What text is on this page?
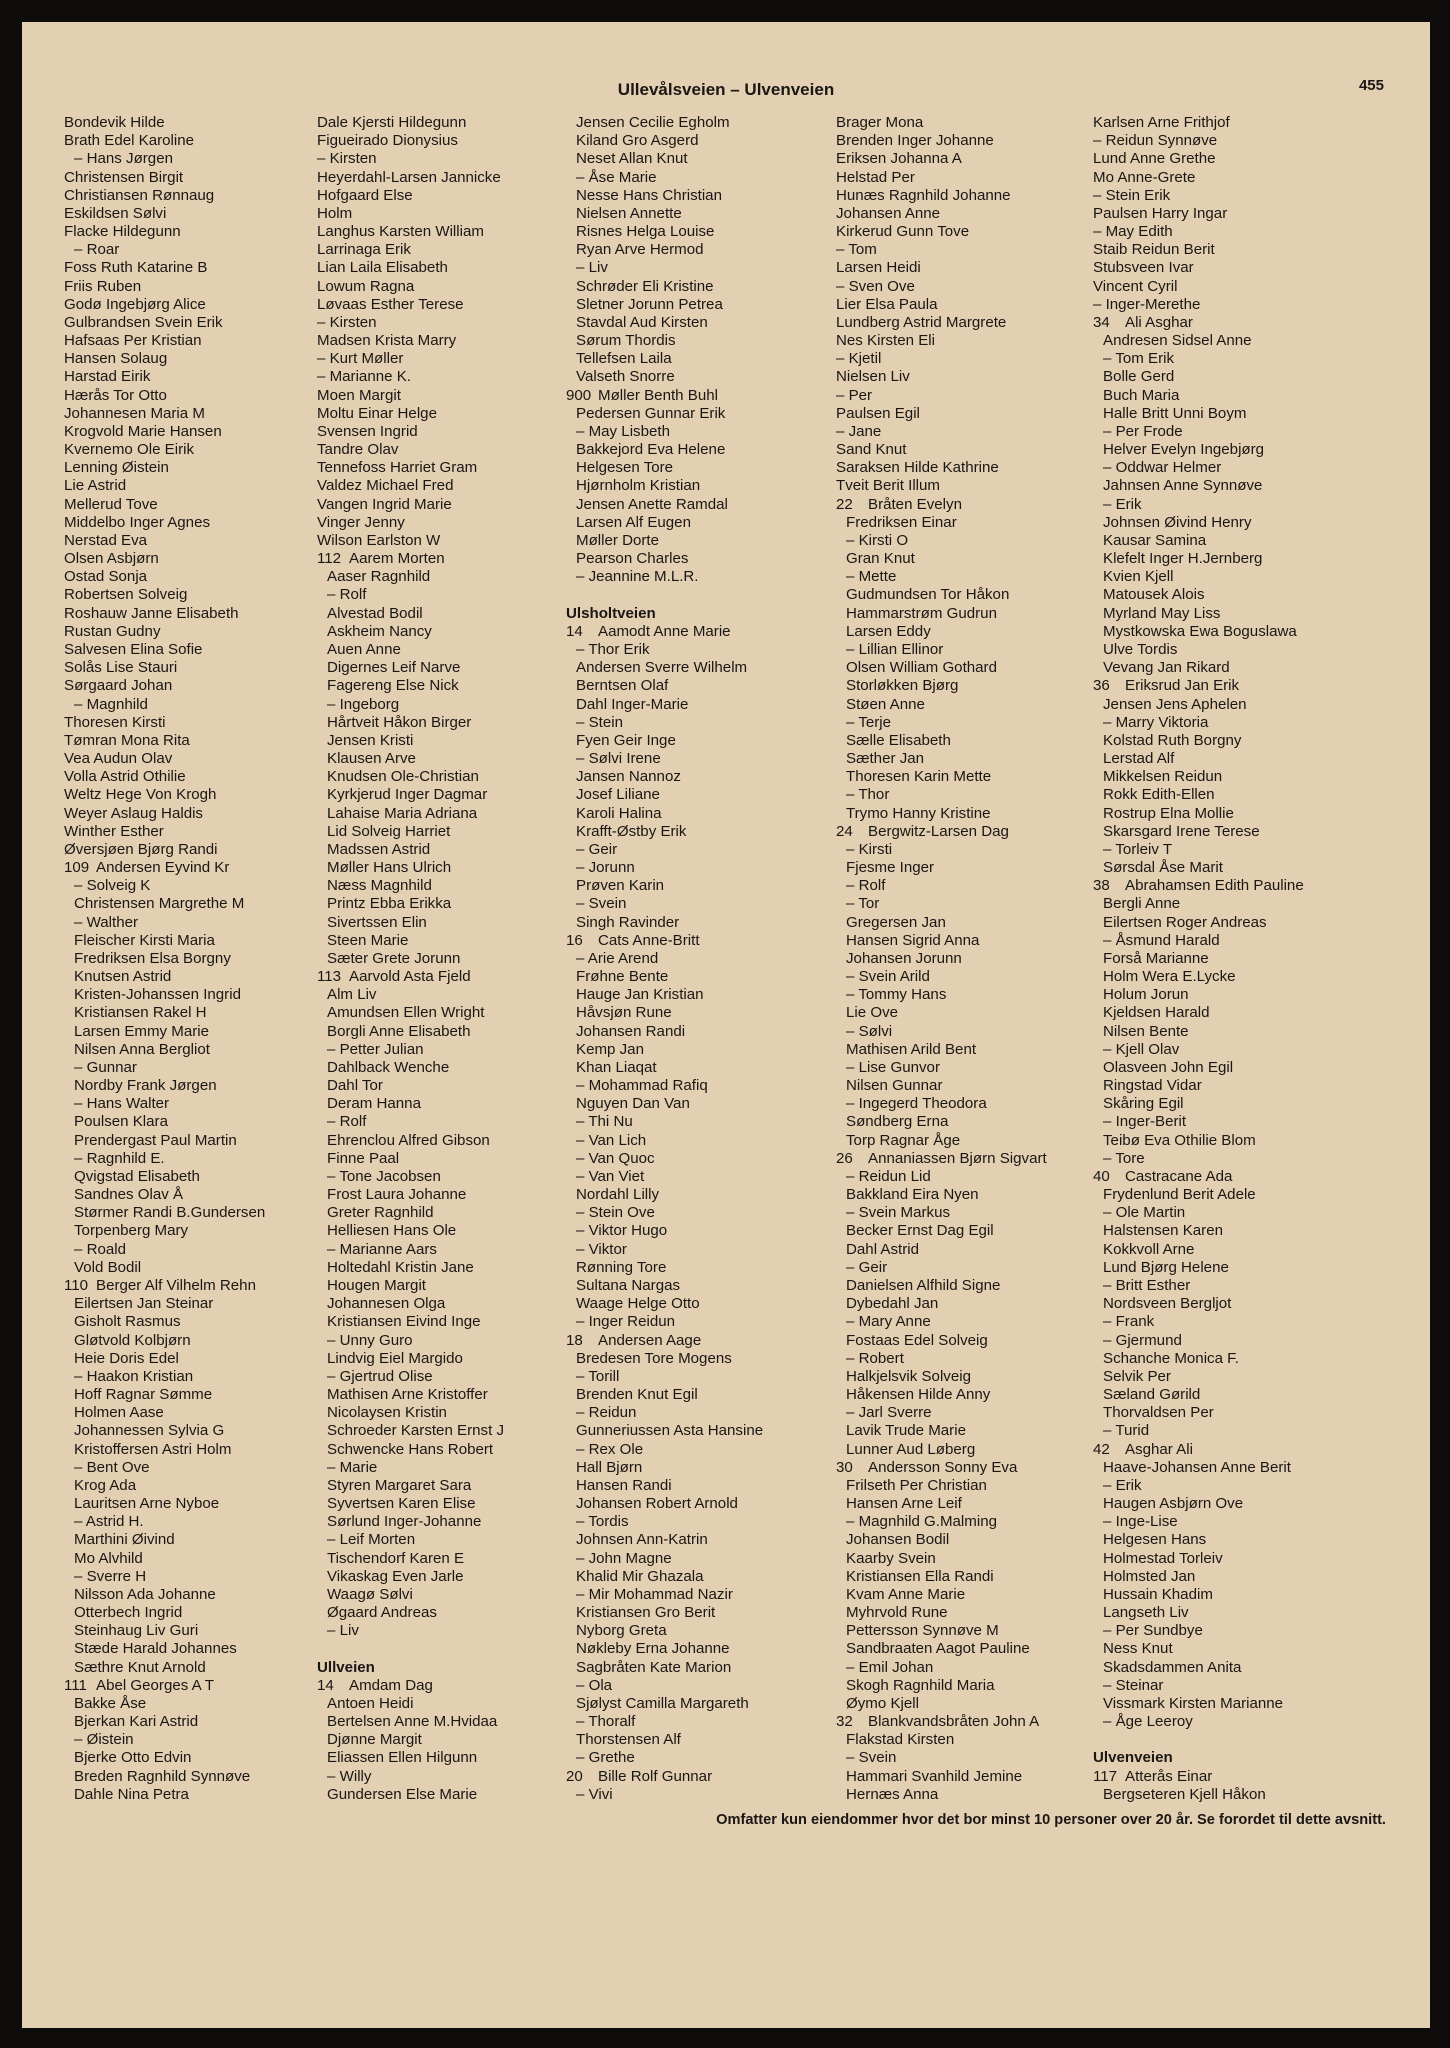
Ullevålsveien – Ulvenveien	455
Bondevik Hilde
Brath Edel Karoline
– Hans Jørgen
Christensen Birgit
Christiansen Rønnaug
Eskildsen Sølvi
Flacke Hildegunn
– Roar
Foss Ruth Katarine B
Friis Ruben
Godø Ingebjørg Alice
Gulbrandsen Svein Erik
Hafsaas Per Kristian
Hansen Solaug
Harstad Eirik
Hærås Tor Otto
Johannesen Maria M
Krogvold Marie Hansen
Kvernemo Ole Eirik
Lenning Øistein
Lie Astrid
Mellerud Tove
Middelbo Inger Agnes
Nerstad Eva
Olsen Asbjørn
Ostad Sonja
Robertsen Solveig
Roshauw Janne Elisabeth
Rustan Gudny
Salvesen Elina Sofie
Solås Lise Stauri
Sørgaard Johan
– Magnhild
Thoresen Kirsti
Tømran Mona Rita
Vea Audun Olav
Volla Astrid Othilie
Weltz Hege Von Krogh
Weyer Aslaug Haldis
Winther Esther
Øversjøen Bjørg Randi
109 Andersen Eyvind Kr
– Solveig K
Christensen Margrethe M
– Walther
Fleischer Kirsti Maria
Fredriksen Elsa Borgny
Knutsen Astrid
Kristen-Johanssen Ingrid
Kristiansen Rakel H
Larsen Emmy Marie
Nilsen Anna Bergliot
– Gunnar
Nordby Frank Jørgen
– Hans Walter
Poulsen Klara
Prendergast Paul Martin
– Ragnhild E.
Qvigstad Elisabeth
Sandnes Olav Å
Størmer Randi B.Gundersen
Torpenberg Mary
– Roald
Vold Bodil
110 Berger Alf Vilhelm Rehn
Eilertsen Jan Steinar
Gisholt Rasmus
Gløtvold Kolbjørn
Heie Doris Edel
– Haakon Kristian
Hoff Ragnar Sømme
Holmen Aase
Johannessen Sylvia G
Kristoffersen Astri Holm
– Bent Ove
Krog Ada
Lauritsen Arne Nyboe
– Astrid H.
Marthini Øivind
Mo Alvhild
– Sverre H
Nilsson Ada Johanne
Otterbech Ingrid
Steinhaug Liv Guri
Stæde Harald Johannes
Sæthre Knut Arnold
111 Abel Georges A T
Bakke Åse
Bjerkan Kari Astrid
– Øistein
Bjerke Otto Edvin
Breden Ragnhild Synnøve
Dahle Nina Petra
Dale Kjersti Hildegunn
Figueirado Dionysius
– Kirsten
Heyerdahl-Larsen Jannicke
Hofgaard Else
Holm
Langhus Karsten William
Larrinaga Erik
Lian Laila Elisabeth
Lowum Ragna
Løvaas Esther Terese
– Kirsten
Madsen Krista Marry
– Kurt Møller
– Marianne K.
Moen Margit
Moltu Einar Helge
Svensen Ingrid
Tandre Olav
Tennefoss Harriet Gram
Valdez Michael Fred
Vangen Ingrid Marie
Vinger Jenny
Wilson Earlston W
112 Aarem Morten
Aaser Ragnhild
– Rolf
Alvestad Bodil
Askheim Nancy
Auen Anne
Digernes Leif Narve
Fagereng Else Nick
– Ingeborg
Hårtveit Håkon Birger
Jensen Kristi
Klausen Arve
Knudsen Ole-Christian
Kyrkjerud Inger Dagmar
Lahaise Maria Adriana
Lid Solveig Harriet
Madssen Astrid
Møller Hans Ulrich
Næss Magnhild
Printz Ebba Erikka
Sivertssen Elin
Steen Marie
Sæter Grete Jorunn
113 Aarvold Asta Fjeld
Alm Liv
Amundsen Ellen Wright
Borgli Anne Elisabeth
– Petter Julian
Dahlback Wenche
Dahl Tor
Deram Hanna
– Rolf
Ehrenclou Alfred Gibson
Finne Paal
– Tone Jacobsen
Frost Laura Johanne
Greter Ragnhild
Helliesen Hans Ole
– Marianne Aars
Holtedahl Kristin Jane
Hougen Margit
Johannesen Olga
Kristiansen Eivind Inge
– Unny Guro
Lindvig Eiel Margido
– Gjertrud Olise
Mathisen Arne Kristoffer
Nicolaysen Kristin
Schroeder Karsten Ernst J
Schwencke Hans Robert
– Marie
Styren Margaret Sara
Syvertsen Karen Elise
Sørlund Inger-Johanne
– Leif Morten
Tischendorf Karen E
Vikaskag Even Jarle
Waagø Sølvi
Øgaard Andreas
– Liv
Ullveien
14 Amdam Dag
Antoen Heidi
Bertelsen Anne M.Hvidaa
Djønne Margit
Eliassen Ellen Hilgunn
– Willy
Gundersen Else Marie
Jensen Cecilie Egholm
Kiland Gro Asgerd
Neset Allan Knut
– Åse Marie
Nesse Hans Christian
Nielsen Annette
Risnes Helga Louise
Ryan Arve Hermod
– Liv
Schrøder Eli Kristine
Sletner Jorunn Petrea
Stavdal Aud Kirsten
Sørum Thordis
Tellefsen Laila
Valseth Snorre
900 Møller Benth Buhl
Pedersen Gunnar Erik
– May Lisbeth
Bakkejord Eva Helene
Helgesen Tore
Hjørnholm Kristian
Jensen Anette Ramdal
Larsen Alf Eugen
Møller Dorte
Pearson Charles
– Jeannine M.L.R.
Ulsholtveien
14 Aamodt Anne Marie
– Thor Erik
Andersen Sverre Wilhelm
Berntsen Olaf
Dahl Inger-Marie
– Stein
Fyen Geir Inge
– Sølvi Irene
Jansen Nannoz
Josef Liliane
Karoli Halina
Krafft-Østby Erik
– Geir
– Jorunn
Prøven Karin
– Svein
Singh Ravinder
16 Cats Anne-Britt
– Arie Arend
Frøhne Bente
Hauge Jan Kristian
Håvsjøn Rune
Johansen Randi
Kemp Jan
Khan Liaqat
– Mohammad Rafiq
Nguyen Dan Van
– Thi Nu
– Van Lich
– Van Quoc
– Van Viet
Nordahl Lilly
– Stein Ove
– Viktor Hugo
– Viktor
Rønning Tore
Sultana Nargas
Waage Helge Otto
– Inger Reidun
18 Andersen Aage
Bredesen Tore Mogens
– Torill
Brenden Knut Egil
– Reidun
Gunneriussen Asta Hansine
– Rex Ole
Hall Bjørn
Hansen Randi
Johansen Robert Arnold
– Tordis
Johnsen Ann-Katrin
– John Magne
Khalid Mir Ghazala
– Mir Mohammad Nazir
Kristiansen Gro Berit
Nyborg Greta
Nøkleby Erna Johanne
Sagbråten Kate Marion
– Ola
Sjølyst Camilla Margareth
– Thoralf
Thorstensen Alf
– Grethe
20 Bille Rolf Gunnar
– Vivi
Brager Mona
Brenden Inger Johanne
Eriksen Johanna A
Helstad Per
Hunæs Ragnhild Johanne
Johansen Anne
Kirkerud Gunn Tove
– Tom
Larsen Heidi
– Sven Ove
Lier Elsa Paula
Lundberg Astrid Margrete
Nes Kirsten Eli
– Kjetil
Nielsen Liv
– Per
Paulsen Egil
– Jane
Sand Knut
Saraksen Hilde Kathrine
Tveit Berit Illum
22 Bråten Evelyn
Fredriksen Einar
– Kirsti O
Gran Knut
– Mette
Gudmundsen Tor Håkon
Hammarstrøm Gudrun
Larsen Eddy
– Lillian Ellinor
Olsen William Gothard
Storløkken Bjørg
Støen Anne
– Terje
Sælle Elisabeth
Sæther Jan
Thoresen Karin Mette
– Thor
Trymo Hanny Kristine
24 Bergwitz-Larsen Dag
– Kirsti
Fjesme Inger
– Rolf
– Tor
Gregersen Jan
Hansen Sigrid Anna
Johansen Jorunn
– Svein Arild
– Tommy Hans
Lie Ove
– Sølvi
Mathisen Arild Bent
– Lise Gunvor
Nilsen Gunnar
– Ingegerd Theodora
Søndberg Erna
Torp Ragnar Åge
26 Annaniassen Bjørn Sigvart
– Reidun Lid
Bakkland Eira Nyen
– Svein Markus
Becker Ernst Dag Egil
Dahl Astrid
– Geir
Danielsen Alfhild Signe
Dybedahl Jan
– Mary Anne
Fostaas Edel Solveig
– Robert
Halkjelsvik Solveig
Håkensen Hilde Anny
– Jarl Sverre
Lavik Trude Marie
Lunner Aud Løberg
30 Andersson Sonny Eva
Frilseth Per Christian
Hansen Arne Leif
– Magnhild G.Malming
Johansen Bodil
Kaarby Svein
Kristiansen Ella Randi
Kvam Anne Marie
Myhrvold Rune
Pettersson Synnøve M
Sandbraaten Aagot Pauline
– Emil Johan
Skogh Ragnhild Maria
Øymo Kjell
32 Blankvandsbråten John A
Flakstad Kirsten
– Svein
Hammari Svanhild Jemine
Hernæs Anna
Karlsen Arne Frithjof
– Reidun Synnøve
Lund Anne Grethe
Mo Anne-Grete
– Stein Erik
Paulsen Harry Ingar
– May Edith
Staib Reidun Berit
Stubsveen Ivar
Vincent Cyril
– Inger-Merethe
34 Ali Asghar
Andresen Sidsel Anne
– Tom Erik
Bolle Gerd
Buch Maria
Halle Britt Unni Boym
– Per Frode
Helver Evelyn Ingebjørg
– Oddwar Helmer
Jahnsen Anne Synnøve
– Erik
Johnsen Øivind Henry
Kausar Samina
Klefelt Inger H.Jernberg
Kvien Kjell
Matousek Alois
Myrland May Liss
Mystkowska Ewa Boguslawa
Ulve Tordis
Vevang Jan Rikard
36 Eriksrud Jan Erik
Jensen Jens Aphelen
– Marry Viktoria
Kolstad Ruth Borgny
Lerstad Alf
Mikkelsen Reidun
Rokk Edith-Ellen
Rostrup Elna Mollie
Skarsgard Irene Terese
– Torleiv T
Sørsdal Åse Marit
38 Abrahamsen Edith Pauline
Bergli Anne
Eilertsen Roger Andreas
– Åsmund Harald
Forså Marianne
Holm Wera E.Lycke
Holum Jorun
Kjeldsen Harald
Nilsen Bente
– Kjell Olav
Olasveen John Egil
Ringstad Vidar
Skåring Egil
– Inger-Berit
Teibø Eva Othilie Blom
– Tore
40 Castracane Ada
Frydenlund Berit Adele
– Ole Martin
Halstensen Karen
Kokkvoll Arne
Lund Bjørg Helene
– Britt Esther
Nordsveen Bergljot
– Frank
– Gjermund
Schanche Monica F.
Selvik Per
Sæland Gørild
Thorvaldsen Per
– Turid
42 Asghar Ali
Haave-Johansen Anne Berit
– Erik
Haugen Asbjørn Ove
– Inge-Lise
Helgesen Hans
Holmestad Torleiv
Holmsted Jan
Hussain Khadim
Langseth Liv
– Per Sundbye
Ness Knut
Skadsdammen Anita
– Steinar
Vissmark Kirsten Marianne
– Åge Leeroy
Ulvenveien
117 Atterås Einar
Bergseteren Kjell Håkon
Omfatter kun eiendommer hvor det bor minst 10 personer over 20 år. Se forordet til dette avsnitt.
